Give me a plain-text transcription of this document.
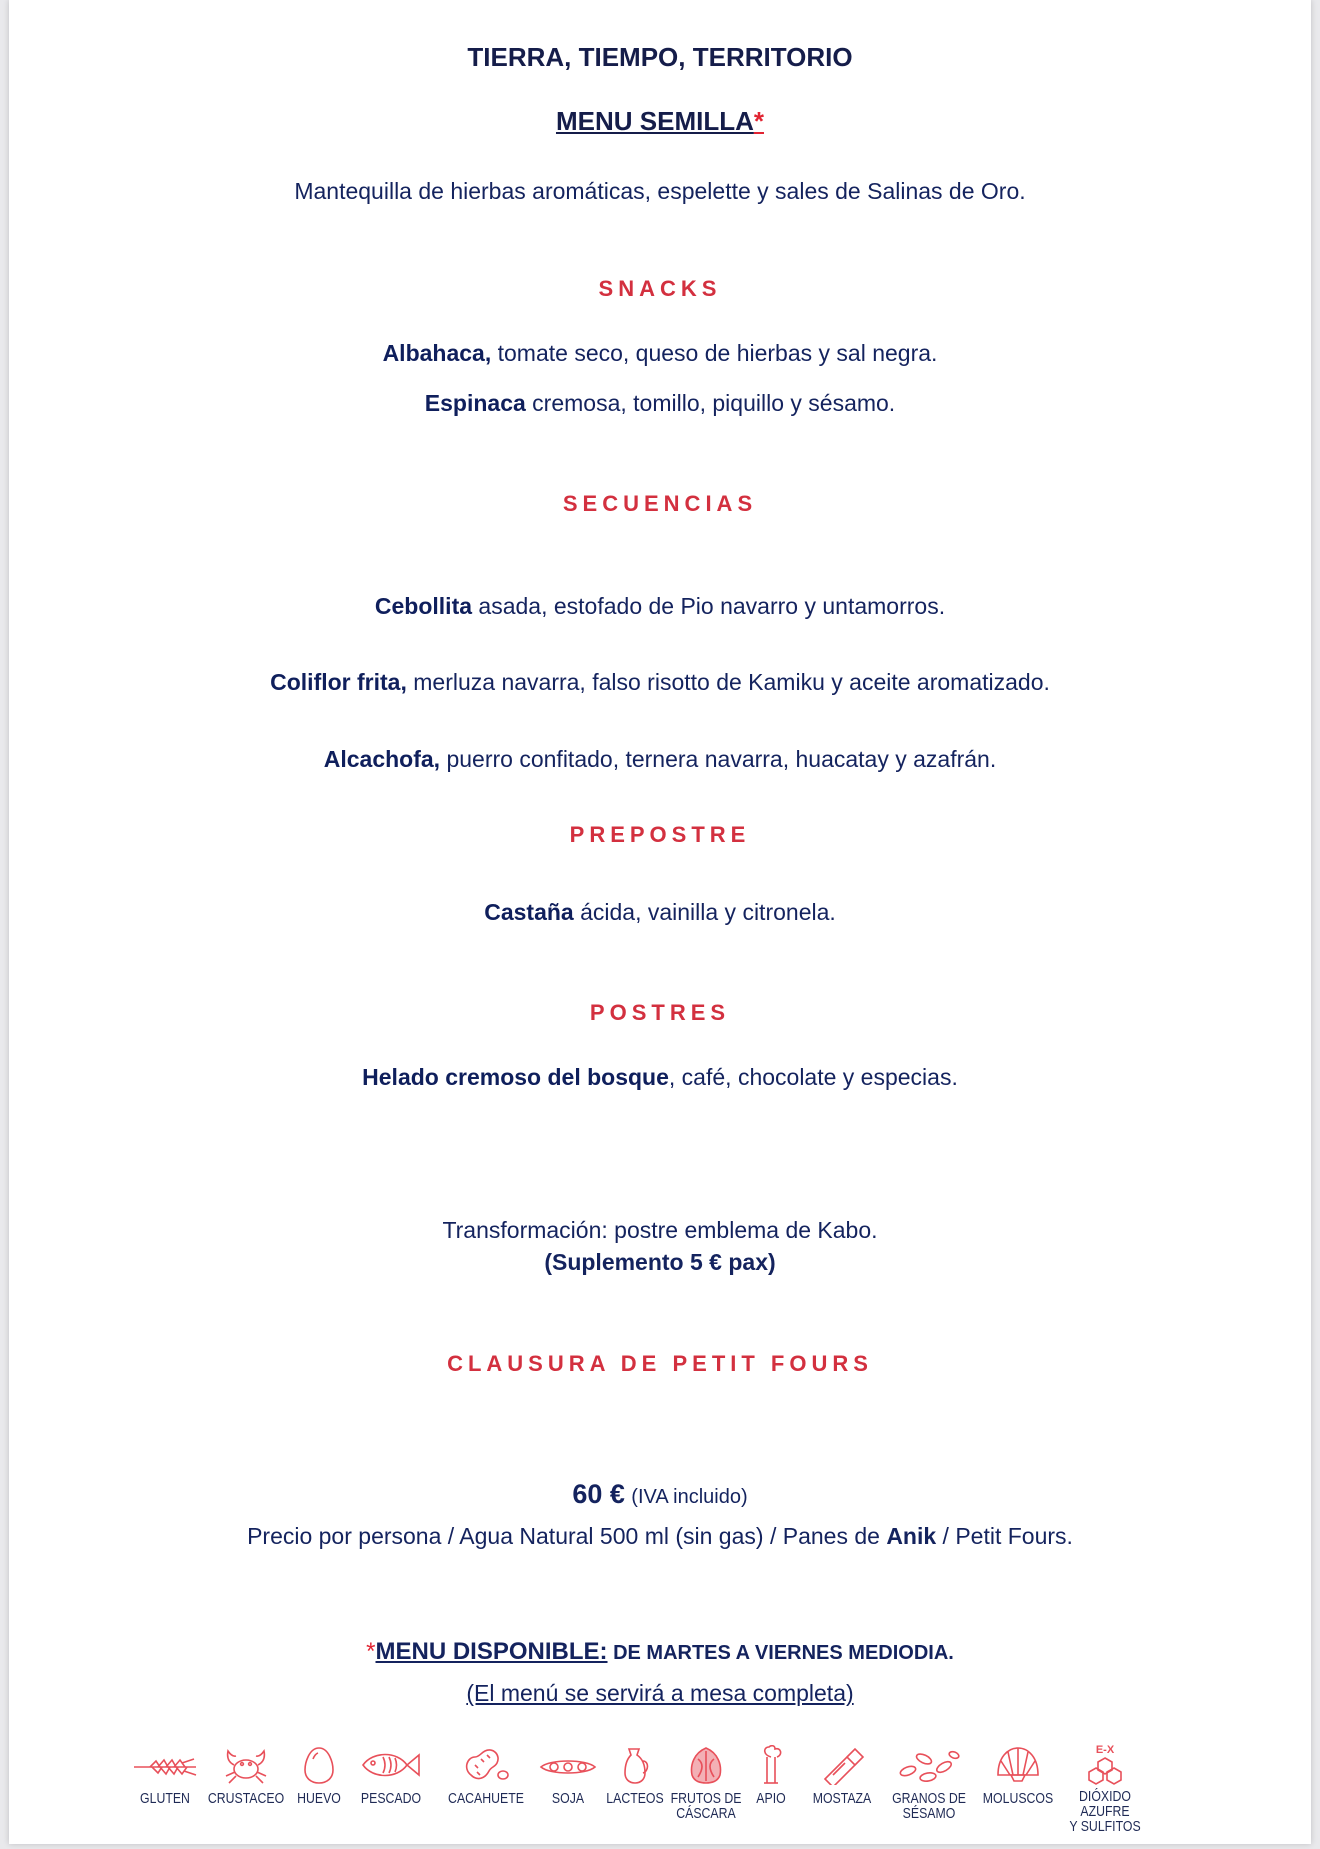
TIERRA, TIEMPO, TERRITORIO
MENU SEMILLA*
Mantequilla de hierbas aromáticas, espelette y sales de Salinas de Oro.
SNACKS
Albahaca, tomate seco, queso de hierbas y sal negra.
Espinaca cremosa, tomillo, piquillo y sésamo.
SECUENCIAS
Cebollita asada, estofado de Pio navarro y untamorros.
Coliflor frita, merluza navarra, falso risotto de Kamiku y aceite aromatizado.
Alcachofa, puerro confitado, ternera navarra, huacatay y azafrán.
PREPOSTRE
Castaña ácida, vainilla y citronela.
POSTRES
Helado cremoso del bosque, café, chocolate y especias.
Transformación: postre emblema de Kabo.
(Suplemento 5 € pax)
CLAUSURA DE PETIT FOURS
60 € (IVA incluido)
Precio por persona / Agua Natural 500 ml (sin gas) / Panes de Anik / Petit Fours.
*MENU DISPONIBLE: DE MARTES A VIERNES MEDIODIA.
(El menú se servirá a mesa completa)
GLUTEN	CRUSTACEO HUEVO	PESCADO	CACAHUETE	SOJA	LACTEOS FRUTOS DE
CÁSCARA
APIO	MOSTAZA	GRANOS DE
SÉSAMO
MOLUSCOS
E-X
DIÓXIDO AZUFRE
Y SULFITOS
